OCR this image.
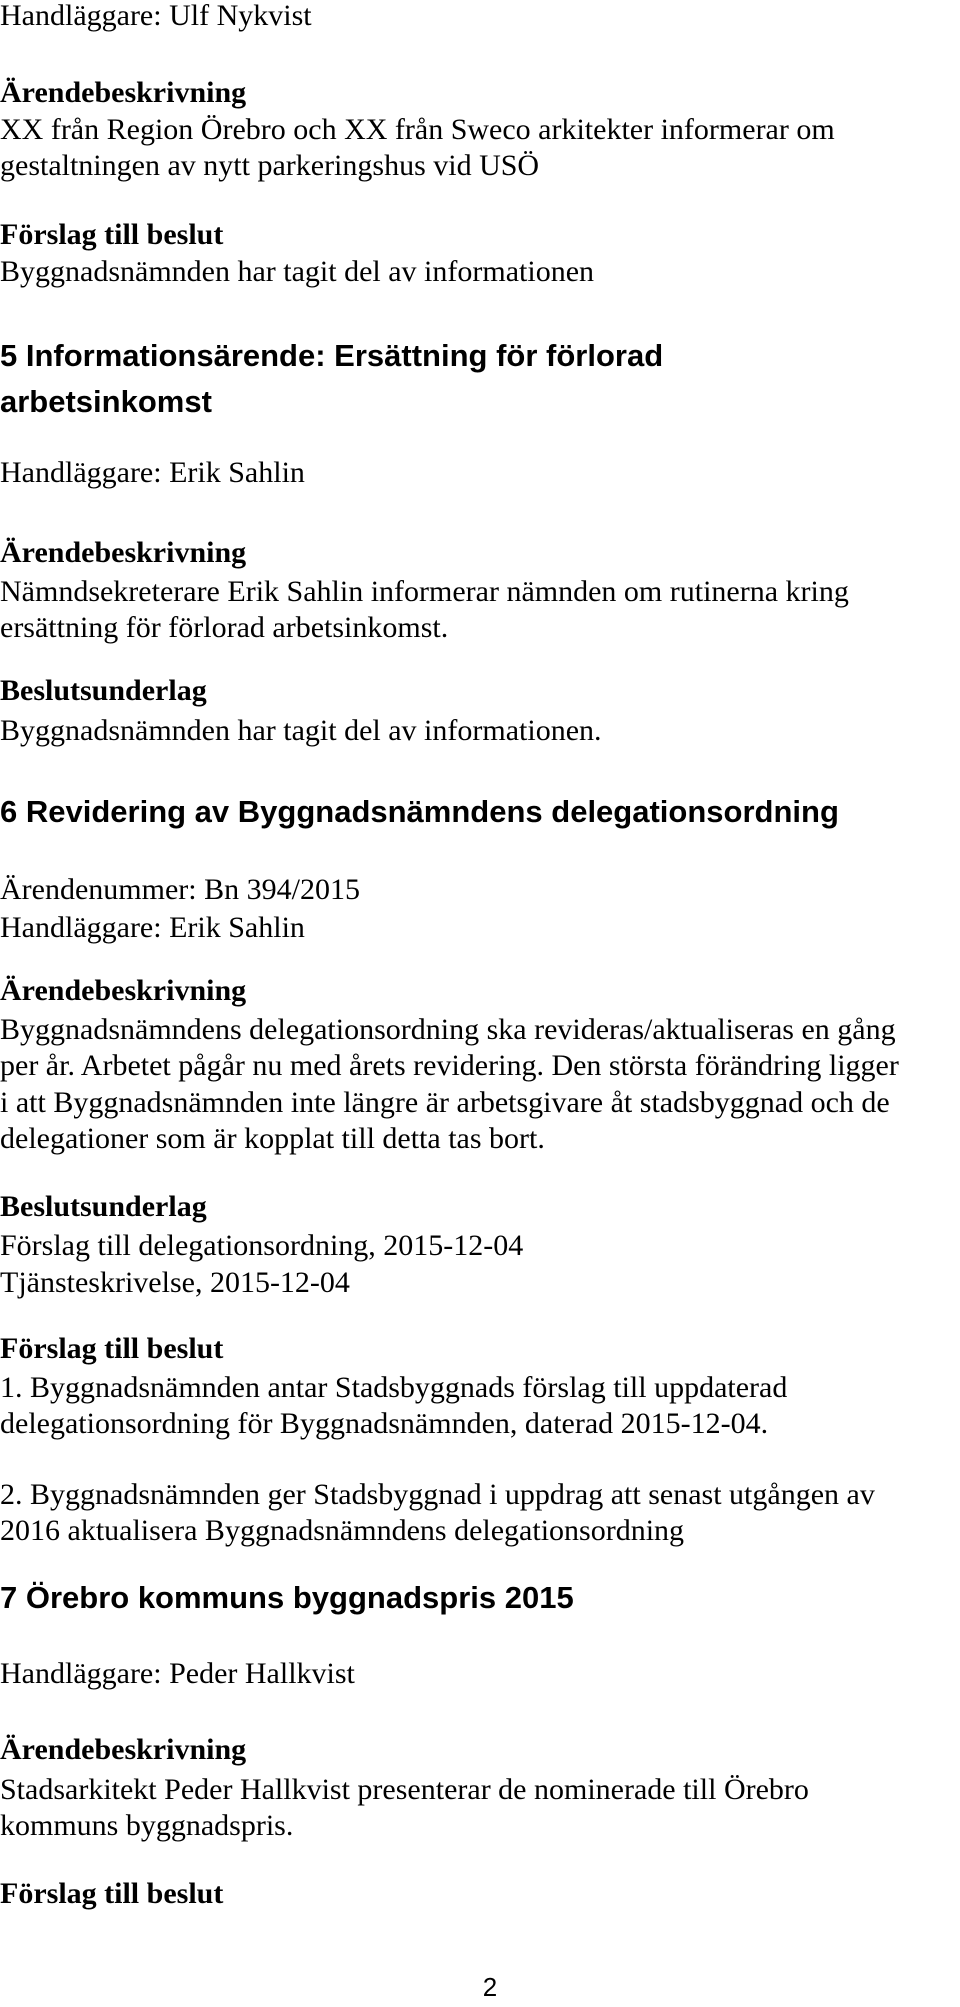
Handläggare: Ulf Nykvist

Ärendebeskrivning

XX från Region Örebro och XX från Sweco arkitekter informerar om

gestaltningen av nytt parkeringshus vid USÖ

Förslag till beslut

Byggnadsnämnden har tagit del av informationen

5 Informationsärende: Ersättning för förlorad

arbetsinkomst

Handläggare: Erik Sahlin

Ärendebeskrivning

Nämndsekreterare Erik Sahlin informerar nämnden om rutinerna kring

ersättning för förlorad arbetsinkomst.

Beslutsunderlag

Byggnadsnämnden har tagit del av informationen.

6 Revidering av Byggnadsnämndens delegationsordning

Ärendenummer: Bn 394/2015

Handläggare: Erik Sahlin

Ärendebeskrivning

Byggnadsnämndens delegationsordning ska revideras/aktualiseras en gång

per år. Arbetet pågår nu med årets revidering. Den största förändring ligger

i att Byggnadsnämnden inte längre är arbetsgivare åt stadsbyggnad och de

delegationer som är kopplat till detta tas bort.

Beslutsunderlag

Förslag till delegationsordning, 2015-12-04

Tjänsteskrivelse, 2015-12-04

Förslag till beslut

1. Byggnadsnämnden antar Stadsbyggnads förslag till uppdaterad

delegationsordning för Byggnadsnämnden, daterad 2015-12-04.

2. Byggnadsnämnden ger Stadsbyggnad i uppdrag att senast utgången av

2016 aktualisera Byggnadsnämndens delegationsordning

7 Örebro kommuns byggnadspris 2015

Handläggare: Peder Hallkvist

Ärendebeskrivning

Stadsarkitekt Peder Hallkvist presenterar de nominerade till Örebro

kommuns byggnadspris.

Förslag till beslut

2
